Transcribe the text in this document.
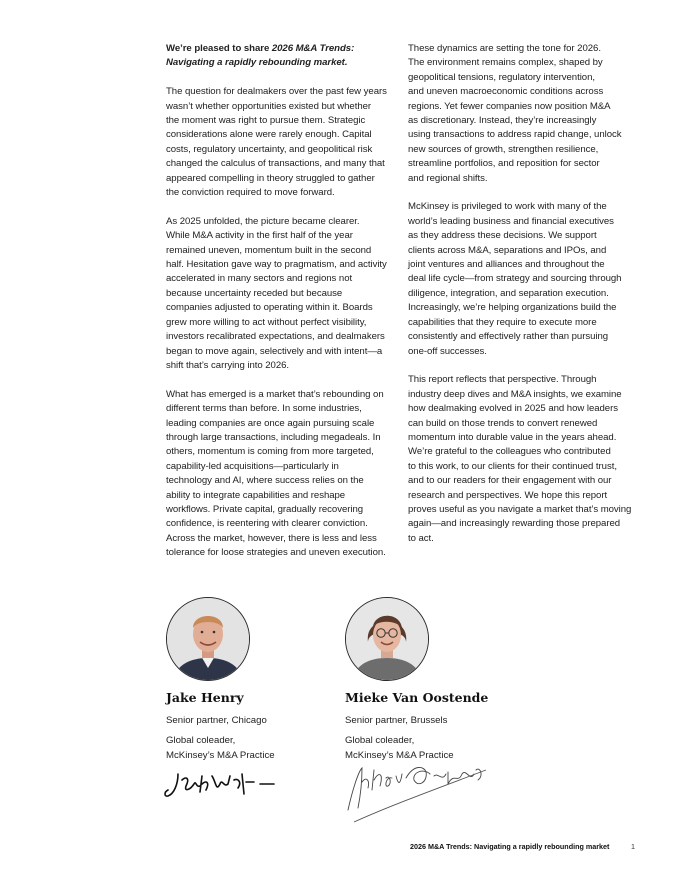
We’re pleased to share 2026 M&A Trends:
Navigating a rapidly rebounding market.

The question for dealmakers over the past few years
wasn’t whether opportunities existed but whether
the moment was right to pursue them. Strategic
considerations alone were rarely enough. Capital
costs, regulatory uncertainty, and geopolitical risk
changed the calculus of transactions, and many that
appeared compelling in theory struggled to gather
the conviction required to move forward.

As 2025 unfolded, the picture became clearer.
While M&A activity in the first half of the year
remained uneven, momentum built in the second
half. Hesitation gave way to pragmatism, and activity
accelerated in many sectors and regions not
because uncertainty receded but because
companies adjusted to operating within it. Boards
grew more willing to act without perfect visibility,
investors recalibrated expectations, and dealmakers
began to move again, selectively and with intent—a
shift that’s carrying into 2026.

What has emerged is a market that’s rebounding on
different terms than before. In some industries,
leading companies are once again pursuing scale
through large transactions, including megadeals. In
others, momentum is coming from more targeted,
capability-led acquisitions—particularly in
technology and AI, where success relies on the
ability to integrate capabilities and reshape
workflows. Private capital, gradually recovering
confidence, is reentering with clearer conviction.
Across the market, however, there is less and less
tolerance for loose strategies and uneven execution.

These dynamics are setting the tone for 2026.
The environment remains complex, shaped by
geopolitical tensions, regulatory intervention,
and uneven macroeconomic conditions across
regions. Yet fewer companies now position M&A
as discretionary. Instead, they’re increasingly
using transactions to address rapid change, unlock
new sources of growth, strengthen resilience,
streamline portfolios, and reposition for sector
and regional shifts.

McKinsey is privileged to work with many of the
world’s leading business and financial executives
as they address these decisions. We support
clients across M&A, separations and IPOs, and
joint ventures and alliances and throughout the
deal life cycle—from strategy and sourcing through
diligence, integration, and separation execution.
Increasingly, we’re helping organizations build the
capabilities that they require to execute more
consistently and effectively rather than pursuing
one-off successes.

This report reflects that perspective. Through
industry deep dives and M&A insights, we examine
how dealmaking evolved in 2025 and how leaders
can build on those trends to convert renewed
momentum into durable value in the years ahead.
We’re grateful to the colleagues who contributed
to this work, to our clients for their continued trust,
and to our readers for their engagement with our
research and perspectives. We hope this report
proves useful as you navigate a market that’s moving
again—and increasingly rewarding those prepared
to act.

Jake Henry
Senior partner, Chicago
Global coleader,
McKinsey’s M&A Practice
Mieke Van Oostende
Senior partner, Brussels
Global coleader,
McKinsey’s M&A Practice
2026 M&A Trends: Navigating a rapidly rebounding market	1
